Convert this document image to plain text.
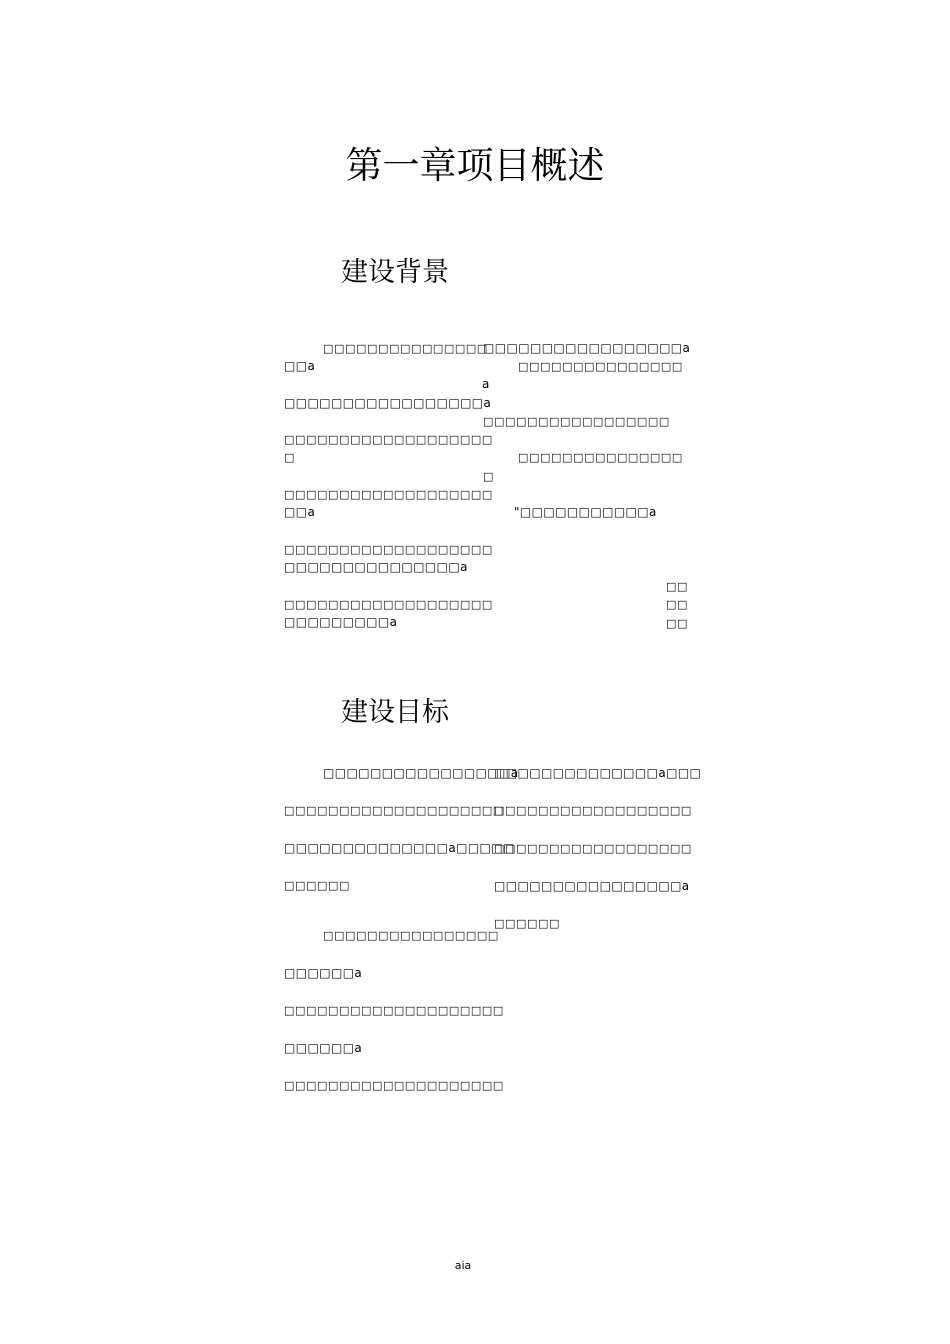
第一章项目概述
建设背景
□□□□□□□□□□□□□□□
□□a
□□□□□□□□□□□□□□□□□a
□□□□□□□□□□□□□□□□□□□
□
□□□□□□□□□□□□□□□□□□□
□□a
□□□□□□□□□□□□□□□□□□□
□□□□□□□□□□□□□□□a
□□□□□□□□□□□□□□□□□□□
□□□□□□□□□a
□□□□□□□□□□□□□□□□□a
□□□□□□□□□□□□□□□
a
□□□□□□□□□□□□□□□□□
□□□□□□□□□□□□□□□
□
"□□□□□□□□□□□a
□□
□□
□□
建设目标
□□□□□□□□□□□□□□□□a
□□□□□□□□□□□□□□□□□□□□
□□□□□□□□□□□□□□a□□□□□
□□□□□□
□□□□□□□□□□□□□□□□
□□□□□□a
□□□□□□□□□□□□□□□□□□□□
□□□□□□a
□□□□□□□□□□□□□□□□□□□□
□□□□□□□□□□□□□□a□□□
□□□□□□□□□□□□□□□□□□
□□□□□□□□□□□□□□□□□□
□□□□□□□□□□□□□□□□a
□□□□□□
aia
